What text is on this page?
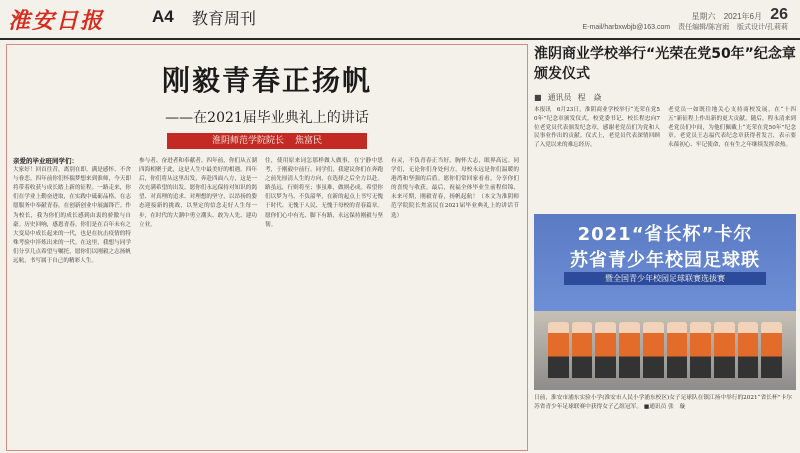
淮安日报	A4 教育周刊	星期六 2021年6月 26
E-mail/harbxwbjb@163.com 责任编辑/陈宫雨 版式设计/孔莉莉
刚毅青春正扬帆
——在2021届毕业典礼上的讲话
淮阴师范学院院长 焦富民
亲爱的毕业班同学们：
大家好！回首往昔，离别在即。满是感怀、不舍与眷恋。四年前你们怀揣梦想来到淮师，今天即将带着收获与成长踏上新的征程。一路走来，你们在学业上勤奋进取，在实践中砥砺品格，在志愿服务中奉献青春，在创新创业中展露锋芒。作为校长，我为你们的成长感到由衷的骄傲与自豪。历史回响，感恩青春。你们是在百年未有之大变局中成长起来的一代，也是在抗击疫情的特殊考验中淬炼出来的一代。在这里，我想与同学们分享几点希望与嘱托，愿你们以刚毅之志扬帆远航，书写属于自己的精彩人生。
参与者、奋进者和奉献者。四年前，你们从五湖四海相聚于此，这是人生中最美好的相遇。四年后，你们将从这里出发，奔赴四面八方，这是一次充满希望的出发。愿你们永远保持对知识的渴望、对真理的追求、对理想的坚守，以昂扬的姿态迎接新的挑战，以坚定的信念走好人生每一步，在时代的大潮中勇立潮头、敢为人先、建功立业。
住，使用原来词怎那样做人做事，在宁静中思考，于刚毅中前行。同学们，我建议你们在奔跑之前先厘清人生的方向，在选择之后全力以赴。路虽远，行则将至；事虽难，做则必成。希望你们以梦为马、不负韶华，在新的起点上书写无愧于时代、无愧于人民、无愧于母校的青春篇章。愿你们心中有光、脚下有路，永远保持刚毅与坚韧。
有灵，不负青春正当好。胸怀大志，眼界高远。同学们，无论你们身处何方，母校永远是你们温暖的港湾和坚强的后盾。愿你们常回家看看，分享你们的喜悦与收获。最后，祝福全体毕业生前程似锦、未来可期，刚毅青春，扬帆起航！（本文为淮阴师范学院院长焦富民在2021届毕业典礼上的讲话节选）
淮阴商业学校举行“光荣在党50年”纪念章颁发仪式
■ 通讯员 程　焱
本报讯　6月23日，淮阴商业学校举行“光荣在党50年”纪念章颁发仪式。校党委书记、校长程忠向7位老党员代表颁发纪念章，感谢老党员们为党和人民事业作出的贡献。仪式上，老党员代表深情回顾了入党以来的难忘经历。
老党员一如既往地关心支持商校发展，在“十四五”新征程上作出新的更大贡献。随后，程永清来到老党员们中间，为他们佩戴上“光荣在党50年”纪念章。老党员王志福代表纪念章获得者发言，表示要永葆初心、牢记使命，在有生之年继续发挥余热。
2021“省长杯”卡尔
苏省青少年校园足球联
暨全国青少年校园足球联赛选拔赛
日前，淮安市浦东实验小学(淮安市人民小学浦东校区)女子足球队在镇江扬中举行的2021“省长杯”卡尔苏省青少年足球联赛中获得女子乙组冠军。 ■通讯员 张　璇
